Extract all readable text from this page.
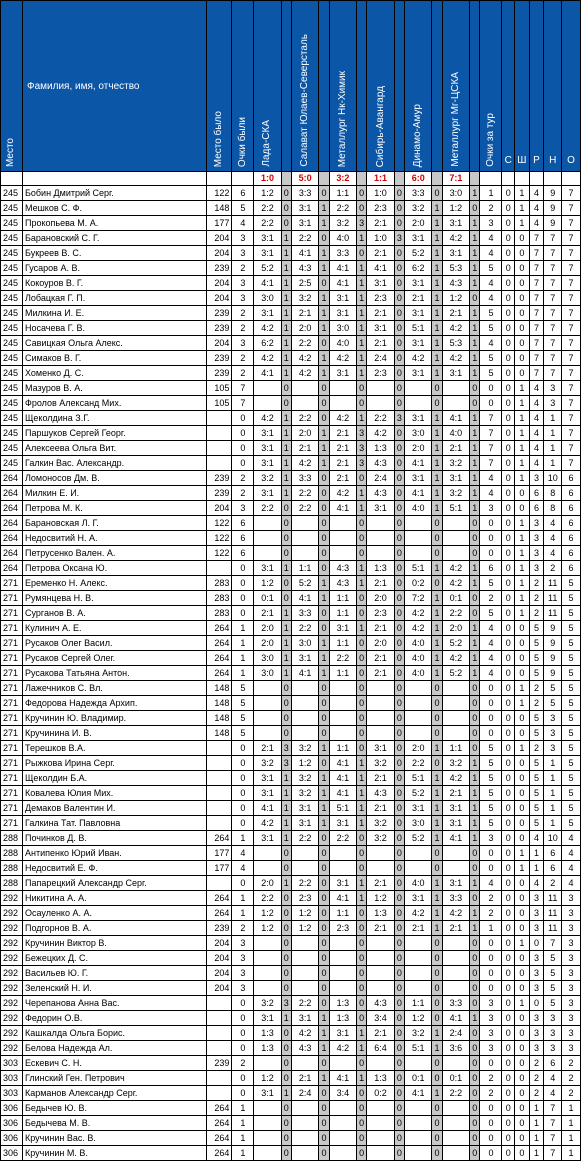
Место	Фамилия, имя, отчество	Место было	Очки были	Лада-СКА		Салават Юлаев-Северсталь		Металлург Нк-Химик		Сибирь-Авангард		Динамо-Амур		Металлург Мг-ЦСКА		Очки за тур	С	Ш	Р	Н	О
				1:0		5:0		3:2		1:1		6:0		7:1							
245	Бобин Дмитрий Серг.	122	6	1:2	0	3:3	0	1:1	0	1:0	0	3:3	0	3:0	1	1	0	1	4	9	7
245	Мешков С. Ф.	148	5	2:2	0	3:1	1	2:2	0	2:3	0	3:2	1	1:2	0	2	0	1	4	9	7
245	Прокопьева М. А.	177	4	2:2	0	3:1	1	3:2	3	2:1	0	2:0	1	3:1	1	3	0	1	4	9	7
245	Барановский С. Г.	204	3	3:1	1	2:2	0	4:0	1	1:0	3	3:1	1	4:2	1	4	0	0	7	7	7
245	Букреев В. С.	204	3	3:1	1	4:1	1	3:3	0	2:1	0	5:2	1	3:1	1	4	0	0	7	7	7
245	Гусаров А. В.	239	2	5:2	1	4:3	1	4:1	1	4:1	0	6:2	1	5:3	1	5	0	0	7	7	7
245	Кокоуров В. Г.	204	3	4:1	1	2:5	0	4:1	1	3:1	0	3:1	1	4:3	1	4	0	0	7	7	7
245	Лобацкая Г. П.	204	3	3:0	1	3:2	1	3:1	1	2:3	0	2:1	1	1:2	0	4	0	0	7	7	7
245	Милкина И. Е.	239	2	3:1	1	2:1	1	3:1	1	2:1	0	3:1	1	2:1	1	5	0	0	7	7	7
245	Носачева Г. В.	239	2	4:2	1	2:0	1	3:0	1	3:1	0	5:1	1	4:2	1	5	0	0	7	7	7
245	Савицкая Ольга Алекс.	204	3	6:2	1	2:2	0	4:0	1	2:1	0	3:1	1	5:3	1	4	0	0	7	7	7
245	Симаков В. Г.	239	2	4:2	1	4:2	1	4:2	1	2:4	0	4:2	1	4:2	1	5	0	0	7	7	7
245	Хоменко Д. С.	239	2	4:1	1	4:2	1	3:1	1	2:3	0	3:1	1	3:1	1	5	0	0	7	7	7
245	Мазуров В. А.	105	7		0		0		0		0		0		0	0	0	1	4	3	7
245	Фролов Александ Мих.	105	7		0		0		0		0		0		0	0	0	1	4	3	7
245	Щеколдина З.Г.		0	4:2	1	2:2	0	4:2	1	2:2	3	3:1	1	4:1	1	7	0	1	4	1	7
245	Паршуков Сергей Георг.		0	3:1	1	2:0	1	2:1	3	4:2	0	3:0	1	4:0	1	7	0	1	4	1	7
245	Алексеева Ольга Вит.		0	3:1	1	2:1	1	2:1	3	1:3	0	2:0	1	2:1	1	7	0	1	4	1	7
245	Галкин Вас. Александр.		0	3:1	1	4:2	1	2:1	3	4:3	0	4:1	1	3:2	1	7	0	1	4	1	7
264	Ломоносов Дм. В.	239	2	3:2	1	3:3	0	2:1	0	2:4	0	3:1	1	3:1	1	4	0	1	3	10	6
264	Милкин Е. И.	239	2	3:1	1	2:2	0	4:2	1	4:3	0	4:1	1	3:2	1	4	0	0	6	8	6
264	Петрова М. К.	204	3	2:2	0	2:2	0	4:1	1	3:1	0	4:0	1	5:1	1	3	0	0	6	8	6
264	Барановская Л. Г.	122	6		0		0		0		0		0		0	0	0	1	3	4	6
264	Недосвитий Н. А.	122	6		0		0		0		0		0		0	0	0	1	3	4	6
264	Петрусенко Вален. А.	122	6		0		0		0		0		0		0	0	0	1	3	4	6
264	Петрова Оксана Ю.		0	3:1	1	1:1	0	4:3	1	1:3	0	5:1	1	4:2	1	6	0	1	3	2	6
271	Еременко Н. Алекс.	283	0	1:2	0	5:2	1	4:3	1	2:1	0	0:2	0	4:2	1	5	0	1	2	11	5
271	Румянцева Н. В.	283	0	0:1	0	4:1	1	1:1	0	2:0	0	7:2	1	0:1	0	2	0	1	2	11	5
271	Сурганов В. А.	283	0	2:1	1	3:3	0	1:1	0	2:3	0	4:2	1	2:2	0	5	0	1	2	11	5
271	Кулинич А. Е.	264	1	2:0	1	2:2	0	3:1	1	2:1	0	4:2	1	2:0	1	4	0	0	5	9	5
271	Русаков Олег Васил.	264	1	2:0	1	3:0	1	1:1	0	2:0	0	4:0	1	5:2	1	4	0	0	5	9	5
271	Русаков Сергей Олег.	264	1	3:0	1	3:1	1	2:2	0	2:1	0	4:0	1	4:2	1	4	0	0	5	9	5
271	Русакова Татьяна Антон.	264	1	3:0	1	4:1	1	1:1	0	2:1	0	4:0	1	5:2	1	4	0	0	5	9	5
271	Лажечников С. Вл.	148	5		0		0		0		0		0		0	0	0	1	2	5	5
271	Федорова Надежда Архип.	148	5		0		0		0		0		0		0	0	0	1	2	5	5
271	Кручинин Ю. Владимир.	148	5		0		0		0		0		0		0	0	0	0	5	3	5
271	Кручинина И. В.	148	5		0		0		0		0		0		0	0	0	0	5	3	5
271	Терешков В.А.		0	2:1	3	3:2	1	1:1	0	3:1	0	2:0	1	1:1	0	5	0	1	2	3	5
271	Рыжкова Ирина Серг.		0	3:2	3	1:2	0	4:1	1	3:2	0	2:2	0	3:2	1	5	0	0	5	1	5
271	Щеколдин Б.А.		0	3:1	1	3:2	1	4:1	1	2:1	0	5:1	1	4:2	1	5	0	0	5	1	5
271	Ковалева Юлия Мих.		0	3:1	1	3:2	1	4:1	1	4:3	0	5:2	1	2:1	1	5	0	0	5	1	5
271	Демаков Валентин И.		0	4:1	1	3:1	1	5:1	1	2:1	0	3:1	1	3:1	1	5	0	0	5	1	5
271	Галкина Тат. Павловна		0	4:2	1	3:1	1	3:1	1	3:2	0	3:0	1	3:1	1	5	0	0	5	1	5
288	Починков Д. В.	264	1	3:1	1	2:2	0	2:2	0	3:2	0	5:2	1	4:1	1	3	0	0	4	10	4
288	Антипенко Юрий Иван.	177	4		0		0		0		0		0		0	0	0	1	1	6	4
288	Недосвитий Е. Ф.	177	4		0		0		0		0		0		0	0	0	1	1	6	4
288	Папарецкий Александр Серг.		0	2:0	1	2:2	0	3:1	1	2:1	0	4:0	1	3:1	1	4	0	0	4	2	4
292	Никитина А. А.	264	1	2:2	0	2:3	0	4:1	1	1:2	0	3:1	1	3:3	0	2	0	0	3	11	3
292	Осауленко А. А.	264	1	1:2	0	1:2	0	1:1	0	1:3	0	4:2	1	4:2	1	2	0	0	3	11	3
292	Подгорнов В. А.	239	2	1:2	0	1:2	0	2:3	0	2:1	0	2:1	1	2:1	1	1	0	0	3	11	3
292	Кручинин Виктор В.	204	3		0		0		0		0		0		0	0	0	1	0	7	3
292	Бежецких Д. С.	204	3		0		0		0		0		0		0	0	0	0	3	5	3
292	Васильев Ю. Г.	204	3		0		0		0		0		0		0	0	0	0	3	5	3
292	Зеленский Н. И.	204	3		0		0		0		0		0		0	0	0	0	3	5	3
292	Черепанова Анна Вас.		0	3:2	3	2:2	0	1:3	0	4:3	0	1:1	0	3:3	0	3	0	1	0	5	3
292	Федорин О.В.		0	3:1	1	3:1	1	1:3	0	3:4	0	1:2	0	4:1	1	3	0	0	3	3	3
292	Кашкалда Ольга Борис.		0	1:3	0	4:2	1	3:1	1	2:1	0	3:2	1	2:4	0	3	0	0	3	3	3
292	Белова Надежда Ал.		0	1:3	0	4:3	1	4:2	1	6:4	0	5:1	1	3:6	0	3	0	0	3	3	3
303	Ескевич С. Н.	239	2		0		0		0		0		0		0	0	0	0	2	6	2
303	Глинский Ген. Петрович		0	1:2	0	2:1	1	4:1	1	1:3	0	0:1	0	0:1	0	2	0	0	2	4	2
303	Карманов Александр Серг.		0	3:1	1	2:4	0	3:4	0	0:2	0	4:1	1	2:2	0	2	0	0	2	4	2
306	Бедычев Ю. В.	264	1		0		0		0		0		0		0	0	0	0	1	7	1
306	Бедычева М. В.	264	1		0		0		0		0		0		0	0	0	0	1	7	1
306	Кручинин Вас. В.	264	1		0		0		0		0		0		0	0	0	0	1	7	1
306	Кручинин М. В.	264	1		0		0		0		0		0		0	0	0	0	1	7	1
